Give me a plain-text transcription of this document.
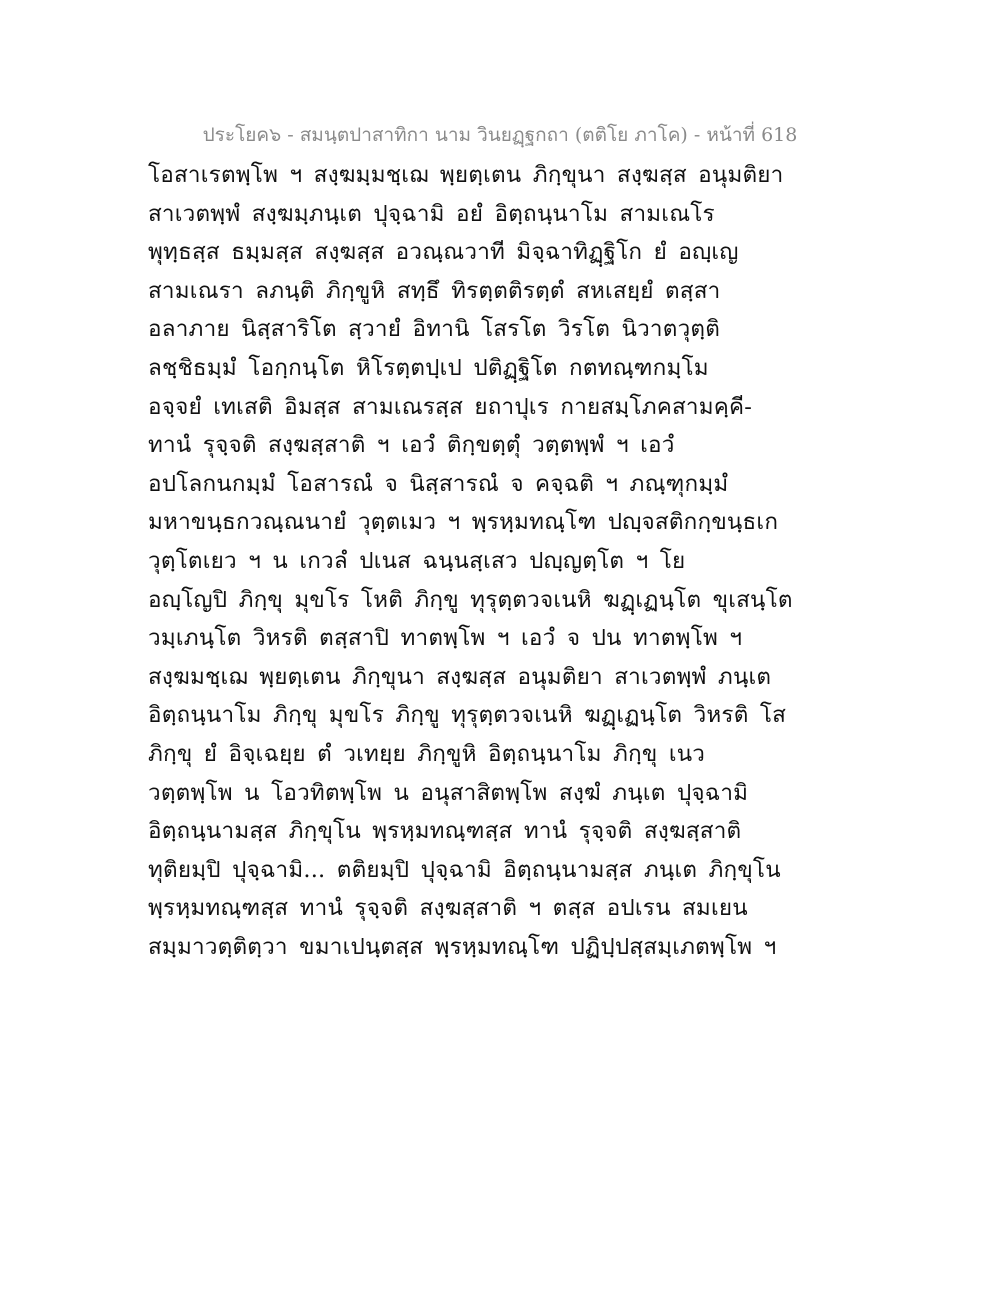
ประโยค๖ - สมนฺตปาสาทิกา นาม วินยฏฺฐกถา (ตติโย ภาโค) - หน้าที่ 618
โอสาเรตพฺโพ ฯ สงฺฆมฺมชฺเฌ พฺยตฺเตน ภิกฺขุนา สงฺฆสฺส อนุมติยา
สาเวตพฺพํ สงฺฆมฺภนฺเต ปุจฺฉามิ อยํ อิตฺถนฺนาโม สามเณโร
พุทฺธสฺส ธมฺมสฺส สงฺฆสฺส อวณฺณวาที มิจฺฉาทิฏฺฐิโก ยํ อญฺเญ
สามเณรา ลภนฺติ ภิกฺขูหิ สทฺธึ ทิรตฺตติรตฺตํ สหเสยฺยํ ตสฺสา
อลาภาย นิสฺสาริโต สฺวายํ อิทานิ โสรโต วิรโต นิวาตวุตฺติ
ลชฺชิธมฺมํ โอกฺกนฺโต หิโรตฺตปฺเป ปติฏฺฐิโต กตทณฺฑกมฺโม
อจฺจยํ เทเสติ อิมสฺส สามเณรสฺส ยถาปุเร กายสมฺโภคสามคฺคี-
ทานํ รุจฺจติ สงฺฆสฺสาติ ฯ เอวํ ติกฺขตฺตุํ วตฺตพฺพํ ฯ เอวํ
อปโลกนกมฺมํ โอสารณํ จ นิสฺสารณํ จ คจฺฉติ ฯ ภณฺฑุกมฺมํ
มหาขนฺธกวณฺณนายํ วุตฺตเมว ฯ พฺรหฺมทณฺโฑ ปญฺจสติกกฺขนฺธเก
วุตฺโตเยว ฯ น เกวลํ ปเนส ฉนฺนสฺเสว ปญฺญตฺโต ฯ โย
อญฺโญปิ ภิกฺขุ มุขโร โหติ ภิกฺขู ทุรุตฺตวจเนหิ ฆฏฺเฏนฺโต ขุเสนฺโต
วมฺเภนฺโต วิหรติ ตสฺสาปิ ทาตพฺโพ ฯ เอวํ จ ปน ทาตพฺโพ ฯ
สงฺฆมชฺเฌ พฺยตฺเตน ภิกฺขุนา สงฺฆสฺส อนุมติยา สาเวตพฺพํ ภนฺเต
อิตฺถนฺนาโม ภิกฺขุ มุขโร ภิกฺขู ทุรุตฺตวจเนหิ ฆฏฺเฏนฺโต วิหรติ โส
ภิกฺขุ ยํ อิจฺเฉยฺย ตํ วเทยฺย ภิกฺขูหิ อิตฺถนฺนาโม ภิกฺขุ เนว
วตฺตพฺโพ น โอวทิตพฺโพ น อนุสาสิตพฺโพ สงฺฆํ ภนฺเต ปุจฺฉามิ
อิตฺถนฺนามสฺส ภิกฺขุโน พฺรหฺมทณฺฑสฺส ทานํ รุจฺจติ สงฺฆสฺสาติ
ทุติยมฺปิ ปุจฺฉามิ... ตติยมฺปิ ปุจฺฉามิ อิตฺถนฺนามสฺส ภนฺเต ภิกฺขุโน
พฺรหฺมทณฺฑสฺส ทานํ รุจฺจติ สงฺฆสฺสาติ ฯ ตสฺส อปเรน สมเยน
สมฺมาวตฺติตฺวา ขมาเปนฺตสฺส พฺรหฺมทณฺโฑ ปฏิปฺปสฺสมฺเภตพฺโพ ฯ
